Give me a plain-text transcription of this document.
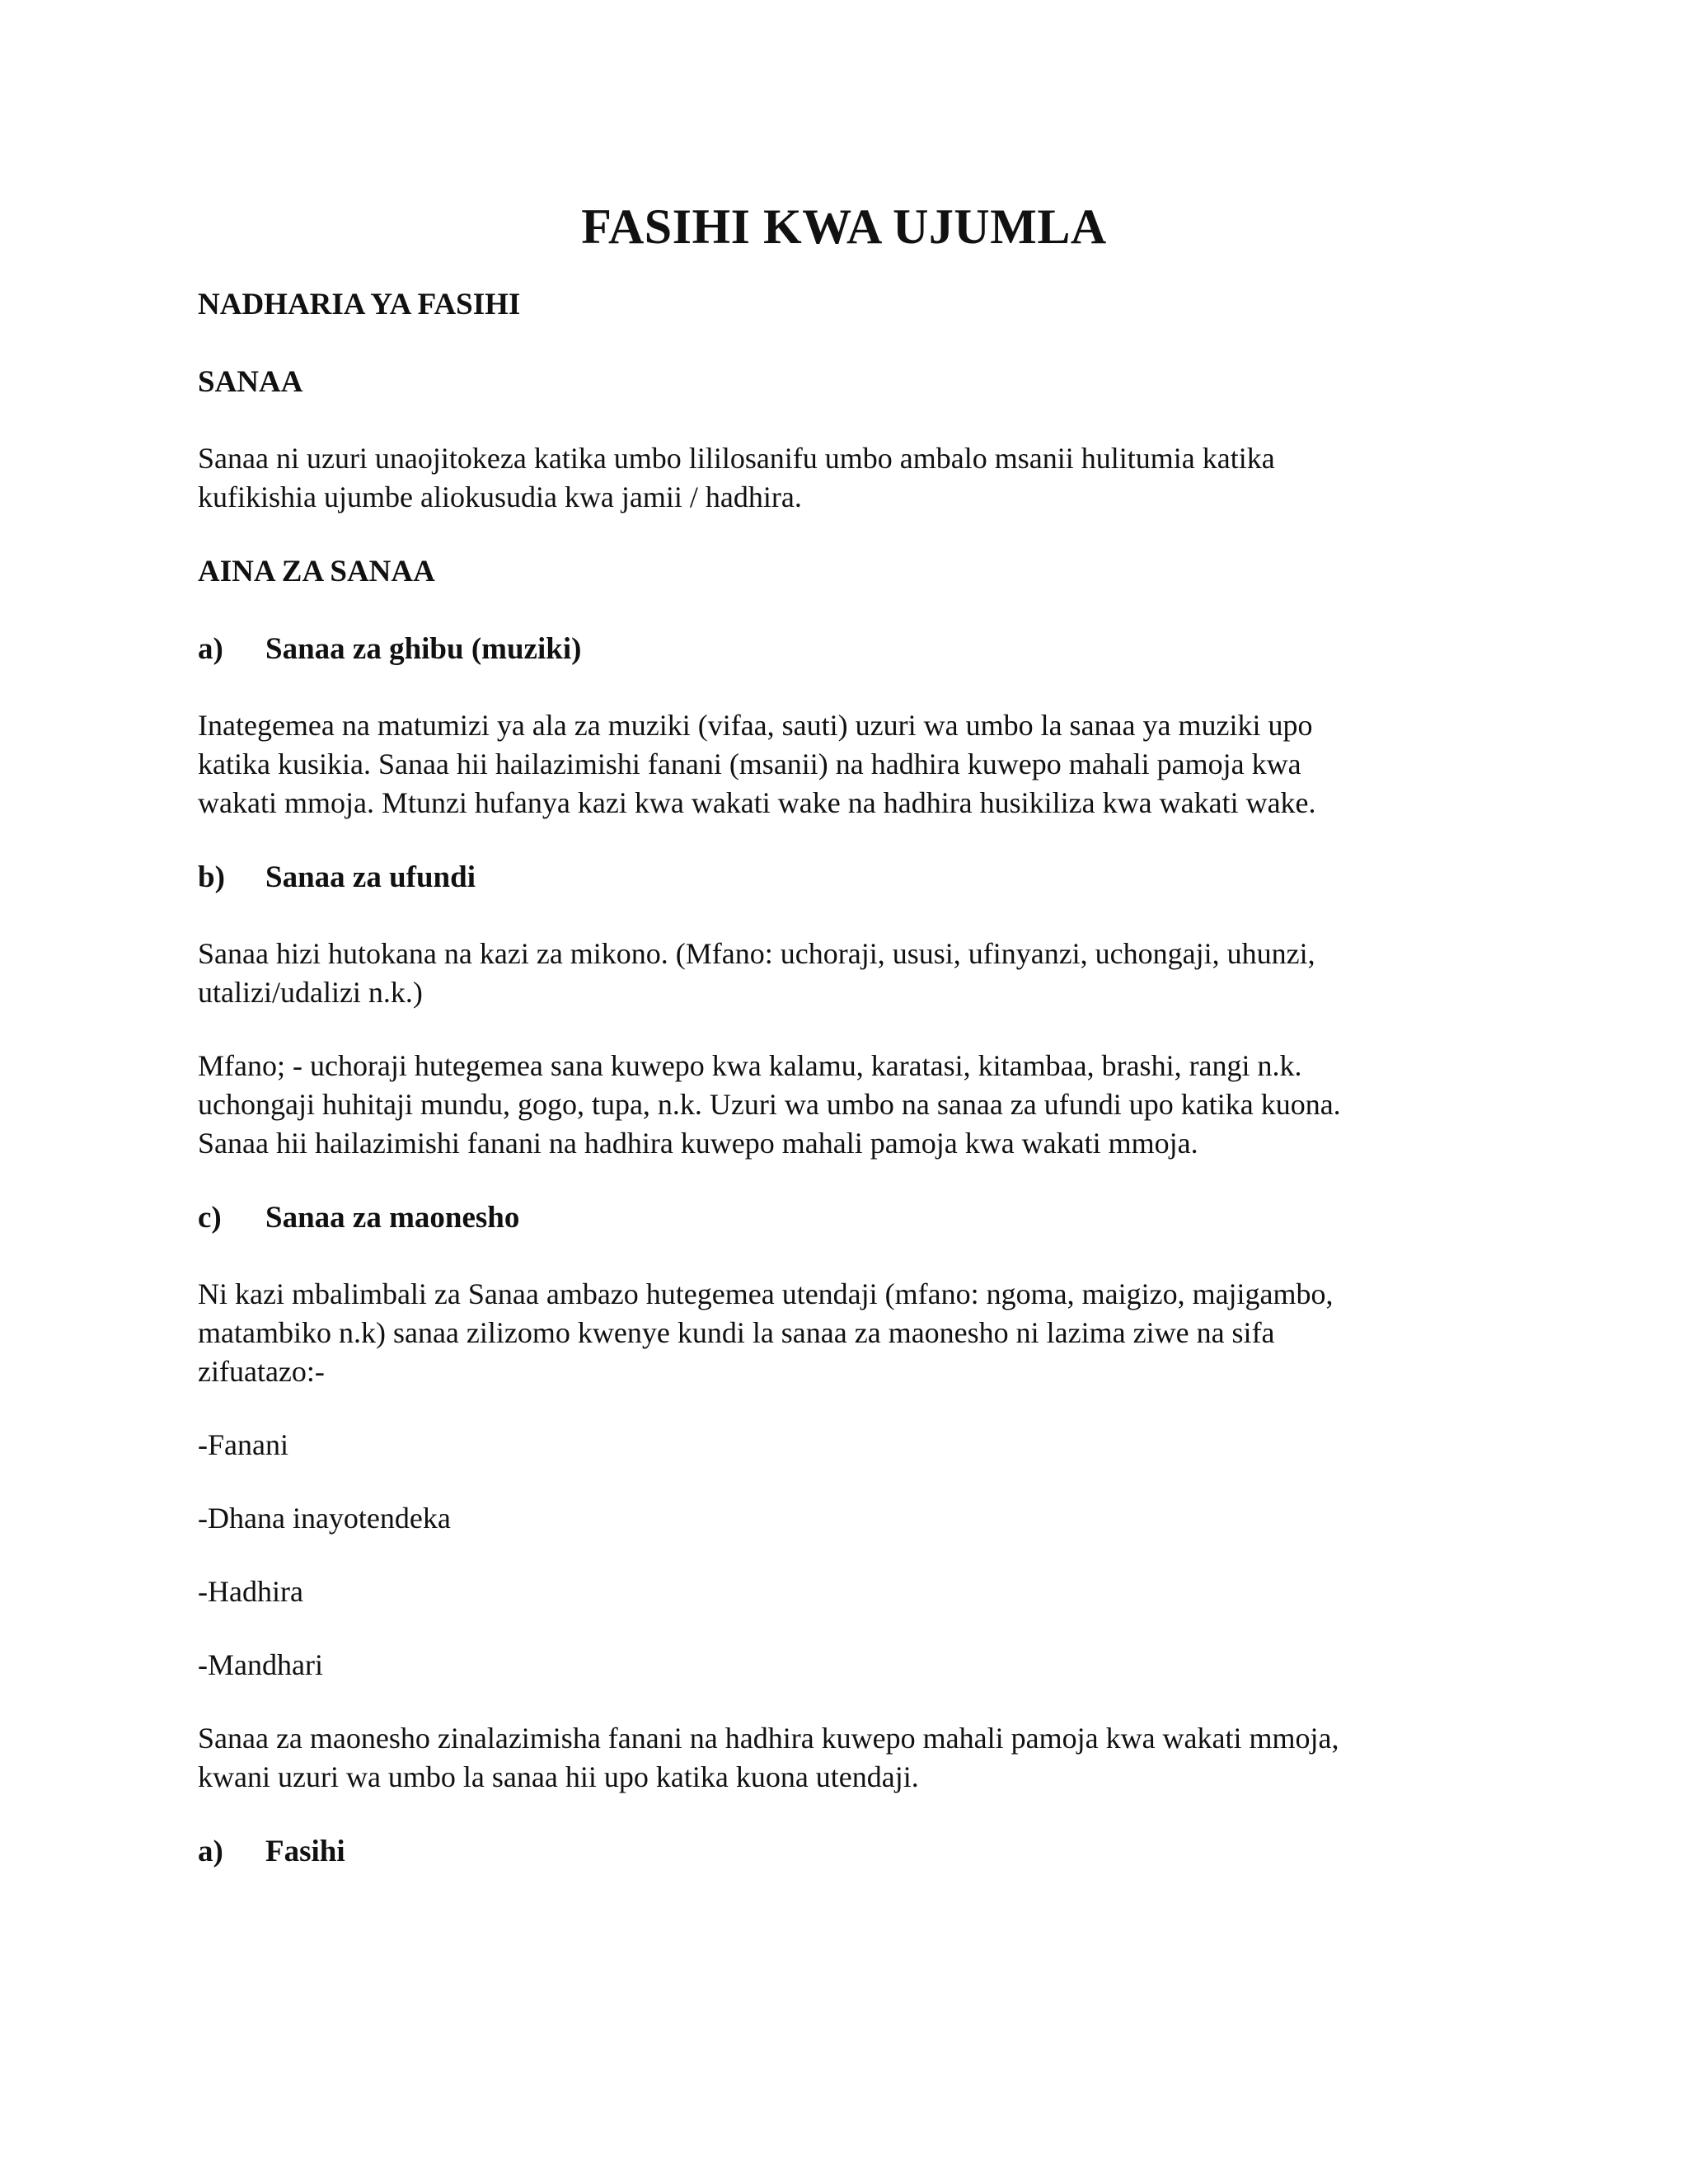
FASIHI KWA UJUMLA

NADHARIA YA FASIHI

SANAA

Sanaa ni uzuri unaojitokeza katika umbo lililosanifu umbo ambalo msanii hulitumia katika
kufikishia ujumbe aliokusudia kwa jamii / hadhira.

AINA ZA SANAA

a)	Sanaa za ghibu (muziki)

Inategemea na matumizi ya ala za muziki (vifaa, sauti) uzuri wa umbo la sanaa ya muziki upo
katika kusikia. Sanaa hii hailazimishi fanani (msanii) na hadhira kuwepo mahali pamoja kwa
wakati mmoja. Mtunzi hufanya kazi kwa wakati wake na hadhira husikiliza kwa wakati wake.

b)	Sanaa za ufundi

Sanaa hizi hutokana na kazi za mikono. (Mfano: uchoraji, ususi, ufinyanzi, uchongaji, uhunzi,
utalizi/udalizi n.k.)

Mfano; - uchoraji hutegemea sana kuwepo kwa kalamu, karatasi, kitambaa, brashi, rangi n.k.
uchongaji huhitaji mundu, gogo, tupa, n.k. Uzuri wa umbo na sanaa za ufundi upo katika kuona.
Sanaa hii hailazimishi fanani na hadhira kuwepo mahali pamoja kwa wakati mmoja.

c)	Sanaa za maonesho

Ni kazi mbalimbali za Sanaa ambazo hutegemea utendaji (mfano: ngoma, maigizo, majigambo,
matambiko n.k) sanaa zilizomo kwenye kundi la sanaa za maonesho ni lazima ziwe na sifa
zifuatazo:-

-Fanani

-Dhana inayotendeka

-Hadhira

-Mandhari

Sanaa za maonesho zinalazimisha fanani na hadhira kuwepo mahali pamoja kwa wakati mmoja,
kwani uzuri wa umbo la sanaa hii upo katika kuona utendaji.

a)	Fasihi
